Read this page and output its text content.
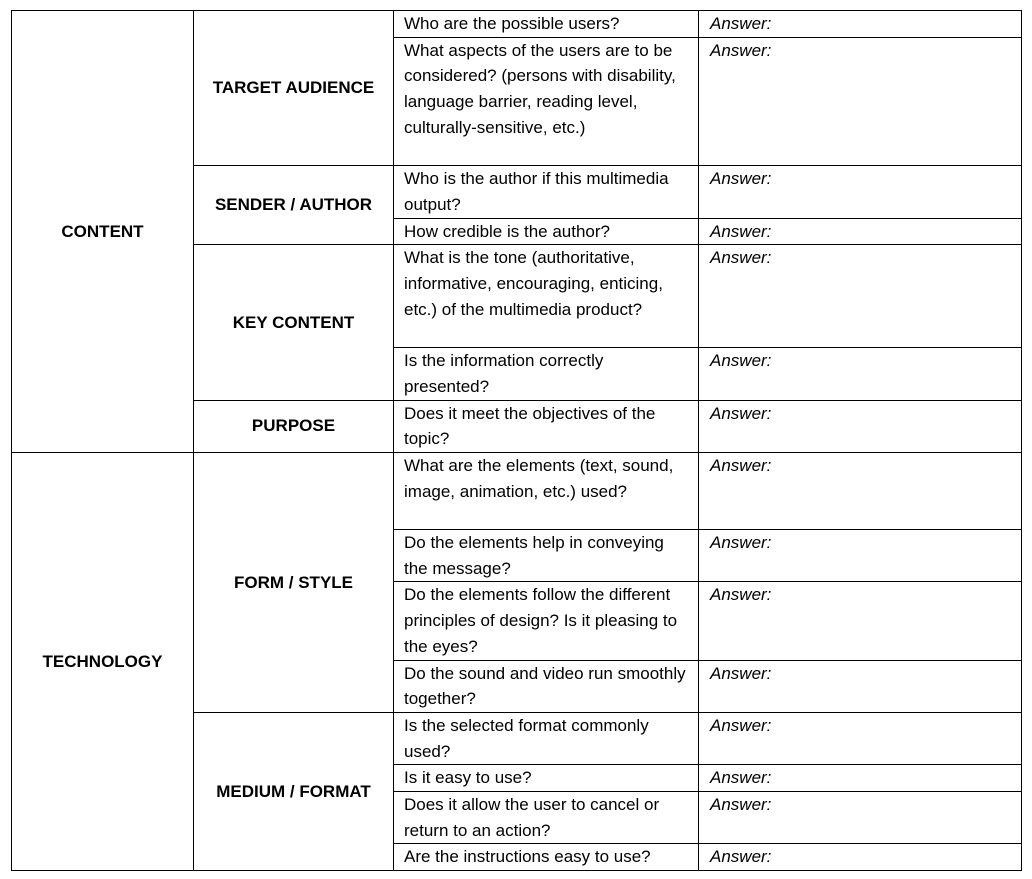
CONTENT	TARGET AUDIENCE	Who are the possible users?	Answer:
		What aspects of the users are to be considered? (persons with disability, language barrier, reading level, culturally-sensitive, etc.)	Answer:
	SENDER / AUTHOR	Who is the author if this multimedia output?	Answer:
		How credible is the author?	Answer:
	KEY CONTENT	What is the tone (authoritative, informative, encouraging, enticing, etc.) of the multimedia product?	Answer:
		Is the information correctly presented?	Answer:
	PURPOSE	Does it meet the objectives of the topic?	Answer:
TECHNOLOGY	FORM / STYLE	What are the elements (text, sound, image, animation, etc.) used?	Answer:
		Do the elements help in conveying the message?	Answer:
		Do the elements follow the different principles of design? Is it pleasing to the eyes?	Answer:
		Do the sound and video run smoothly together?	Answer:
	MEDIUM / FORMAT	Is the selected format commonly used?	Answer:
		Is it easy to use?	Answer:
		Does it allow the user to cancel or return to an action?	Answer:
		Are the instructions easy to use?	Answer:
